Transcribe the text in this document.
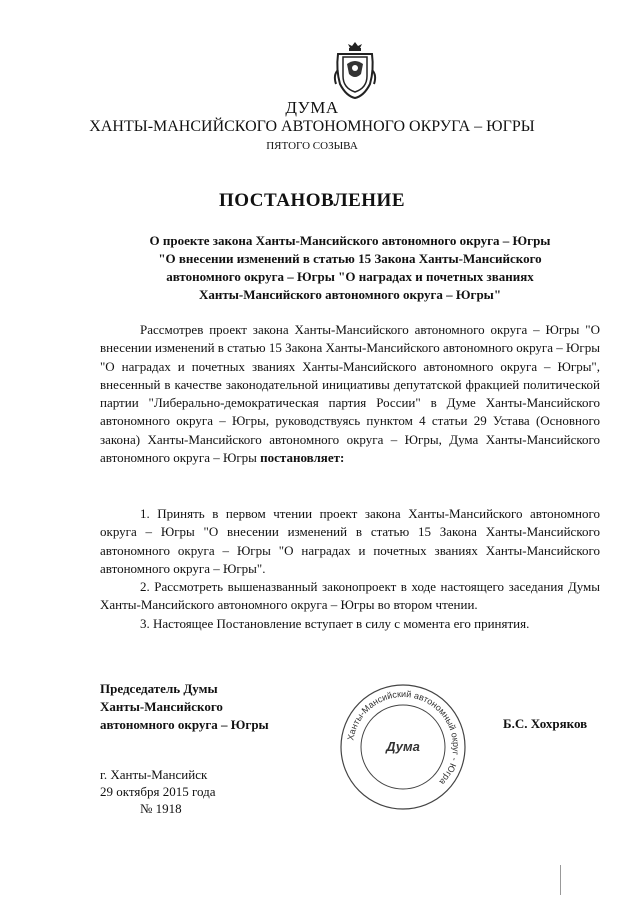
ДУМА
ХАНТЫ-МАНСИЙСКОГО АВТОНОМНОГО ОКРУГА – ЮГРЫ
ПЯТОГО СОЗЫВА
ПОСТАНОВЛЕНИЕ
О проекте закона Ханты-Мансийского автономного округа – Югры
"О внесении изменений в статью 15 Закона Ханты-Мансийского
автономного округа – Югры "О наградах и почетных званиях
Ханты-Мансийского автономного округа – Югры"

Рассмотрев проект закона Ханты-Мансийского автономного округа – Югры "О внесении изменений в статью 15 Закона Ханты-Мансийского автономного округа – Югры "О наградах и почетных званиях Ханты-Мансийского автономного округа – Югры", внесенный в качестве законодательной инициативы депутатской фракцией политической партии "Либерально-демократическая партия России" в Думе Ханты-Мансийского автономного округа – Югры, руководствуясь пунктом 4 статьи 29 Устава (Основного закона) Ханты-Мансийского автономного округа – Югры, Дума Ханты-Мансийского автономного округа – Югры постановляет:

1. Принять в первом чтении проект закона Ханты-Мансийского автономного округа – Югры "О внесении изменений в статью 15 Закона Ханты-Мансийского автономного округа – Югры "О наградах и почетных званиях Ханты-Мансийского автономного округа – Югры".

2. Рассмотреть вышеназванный законопроект в ходе настоящего заседания Думы Ханты-Мансийского автономного округа – Югры во втором чтении.

3. Настоящее Постановление вступает в силу с момента его принятия.

Председатель Думы
Ханты-Мансийского
автономного округа – Югры
Ханты-Мансийский автономный округ - Югра
Дума
Б.С. Хохряков
г. Ханты-Мансийск
29 октября 2015 года
№ 1918
